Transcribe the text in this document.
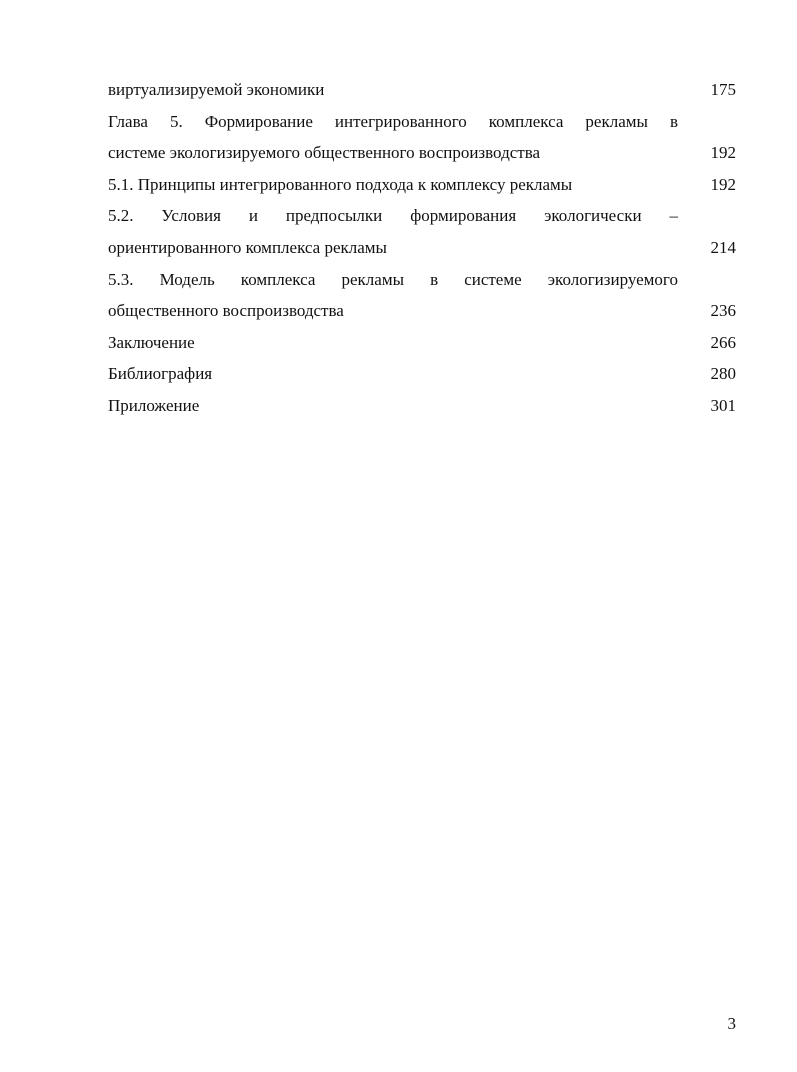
виртуализируемой экономики	175
Глава 5. Формирование интегрированного комплекса рекламы в
системе экологизируемого общественного воспроизводства	192
5.1. Принципы интегрированного подхода к комплексу рекламы	192
5.2. Условия и предпосылки формирования экологически –
ориентированного комплекса рекламы	214
5.3. Модель комплекса рекламы в системе экологизируемого
общественного воспроизводства	236
Заключение	266
Библиография	280
Приложение	301
3
